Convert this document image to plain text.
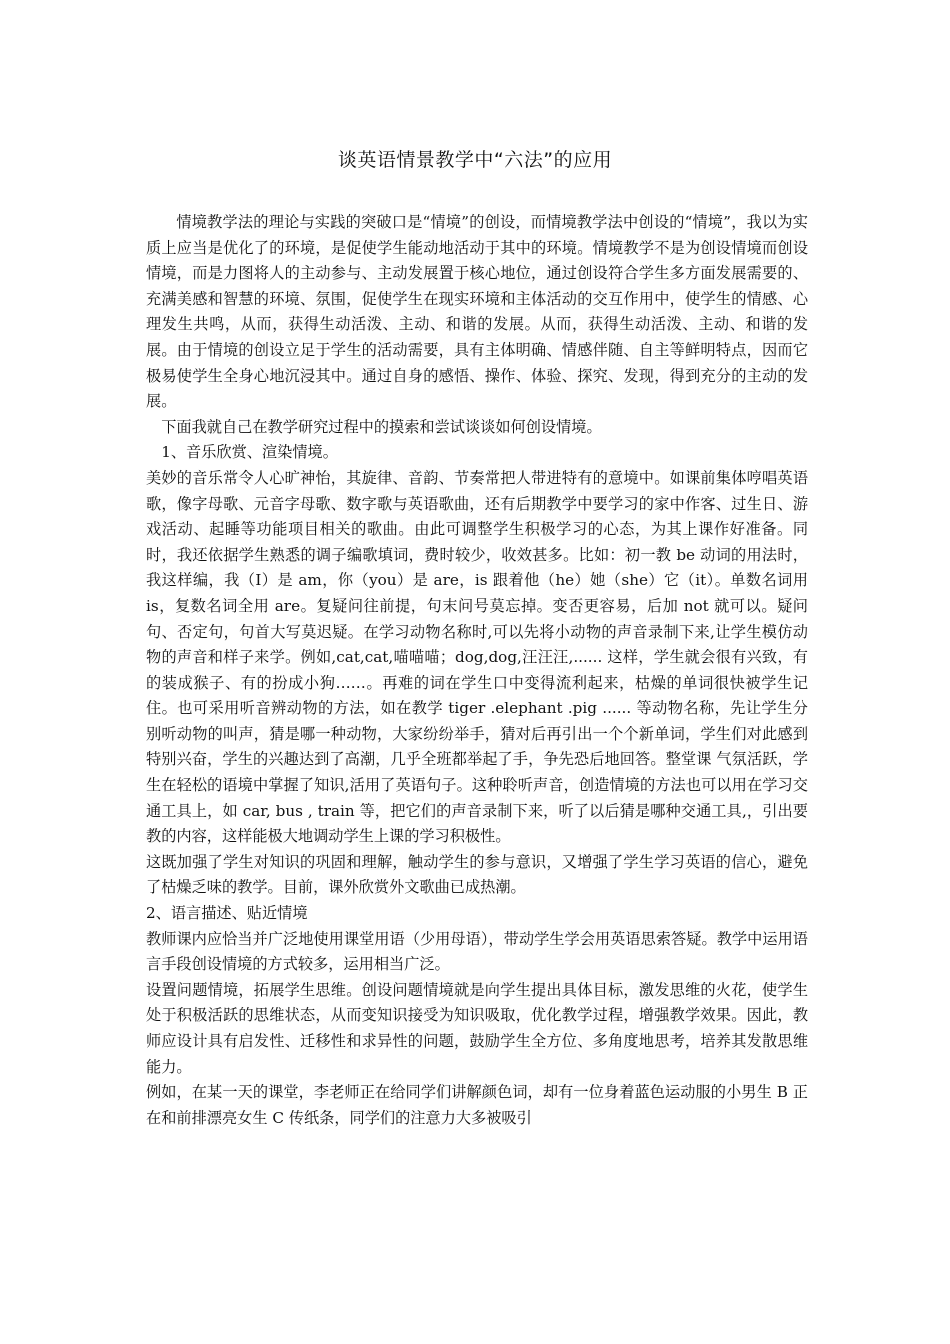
谈英语情景教学中“六法”的应用

情境教学法的理论与实践的突破口是“情境”的创设，而情境教学法中创设的“情境”，我以为实质上应当是优化了的环境，是促使学生能动地活动于其中的环境。情境教学不是为创设情境而创设情境，而是力图将人的主动参与、主动发展置于核心地位，通过创设符合学生多方面发展需要的、充满美感和智慧的环境、氛围，促使学生在现实环境和主体活动的交互作用中，使学生的情感、心理发生共鸣，从而，获得生动活泼、主动、和谐的发展。从而，获得生动活泼、主动、和谐的发展。由于情境的创设立足于学生的活动需要，具有主体明确、情感伴随、自主等鲜明特点，因而它极易使学生全身心地沉浸其中。通过自身的感悟、操作、体验、探究、发现，得到充分的主动的发展。

下面我就自己在教学研究过程中的摸索和尝试谈谈如何创设情境。

1、音乐欣赏、渲染情境。

美妙的音乐常令人心旷神怡，其旋律、音韵、节奏常把人带进特有的意境中。如课前集体哼唱英语歌，像字母歌、元音字母歌、数字歌与英语歌曲，还有后期教学中要学习的家中作客、过生日、游戏活动、起睡等功能项目相关的歌曲。由此可调整学生积极学习的心态，为其上课作好准备。同时，我还依据学生熟悉的调子编歌填词，费时较少，收效甚多。比如：初一教 be 动词的用法时，我这样编，我（I）是 am，你（you）是 are，is 跟着他（he）她（she）它（it）。单数名词用 is，复数名词全用 are。复疑问往前提，句末问号莫忘掉。变否更容易，后加 not 就可以。疑问句、否定句，句首大写莫迟疑。在学习动物名称时,可以先将小动物的声音录制下来,让学生模仿动物的声音和样子来学。例如,cat,cat,喵喵喵；dog,dog,汪汪汪,...... 这样，学生就会很有兴致，有的装成猴子、有的扮成小狗……。再难的词在学生口中变得流利起来，枯燥的单词很快被学生记住。也可采用听音辨动物的方法，如在教学 tiger .elephant .pig ...... 等动物名称，先让学生分别听动物的叫声，猜是哪一种动物，大家纷纷举手，猜对后再引出一个个新单词，学生们对此感到特别兴奋，学生的兴趣达到了高潮，几乎全班都举起了手，争先恐后地回答。整堂课 气氛活跃，学生在轻松的语境中掌握了知识,活用了英语句子。这种聆听声音，创造情境的方法也可以用在学习交通工具上，如 car, bus , train 等，把它们的声音录制下来，听了以后猜是哪种交通工具,，引出要教的内容，这样能极大地调动学生上课的学习积极性。

这既加强了学生对知识的巩固和理解，触动学生的参与意识，又增强了学生学习英语的信心，避免了枯燥乏味的教学。目前，课外欣赏外文歌曲已成热潮。

2、语言描述、贴近情境

教师课内应恰当并广泛地使用课堂用语（少用母语），带动学生学会用英语思索答疑。教学中运用语言手段创设情境的方式较多，运用相当广泛。

设置问题情境，拓展学生思维。创设问题情境就是向学生提出具体目标，激发思维的火花，使学生处于积极活跃的思维状态，从而变知识接受为知识吸取，优化教学过程，增强教学效果。因此，教师应设计具有启发性、迁移性和求异性的问题，鼓励学生全方位、多角度地思考，培养其发散思维能力。

例如，在某一天的课堂，李老师正在给同学们讲解颜色词，却有一位身着蓝色运动服的小男生 B 正在和前排漂亮女生 C 传纸条，同学们的注意力大多被吸引
